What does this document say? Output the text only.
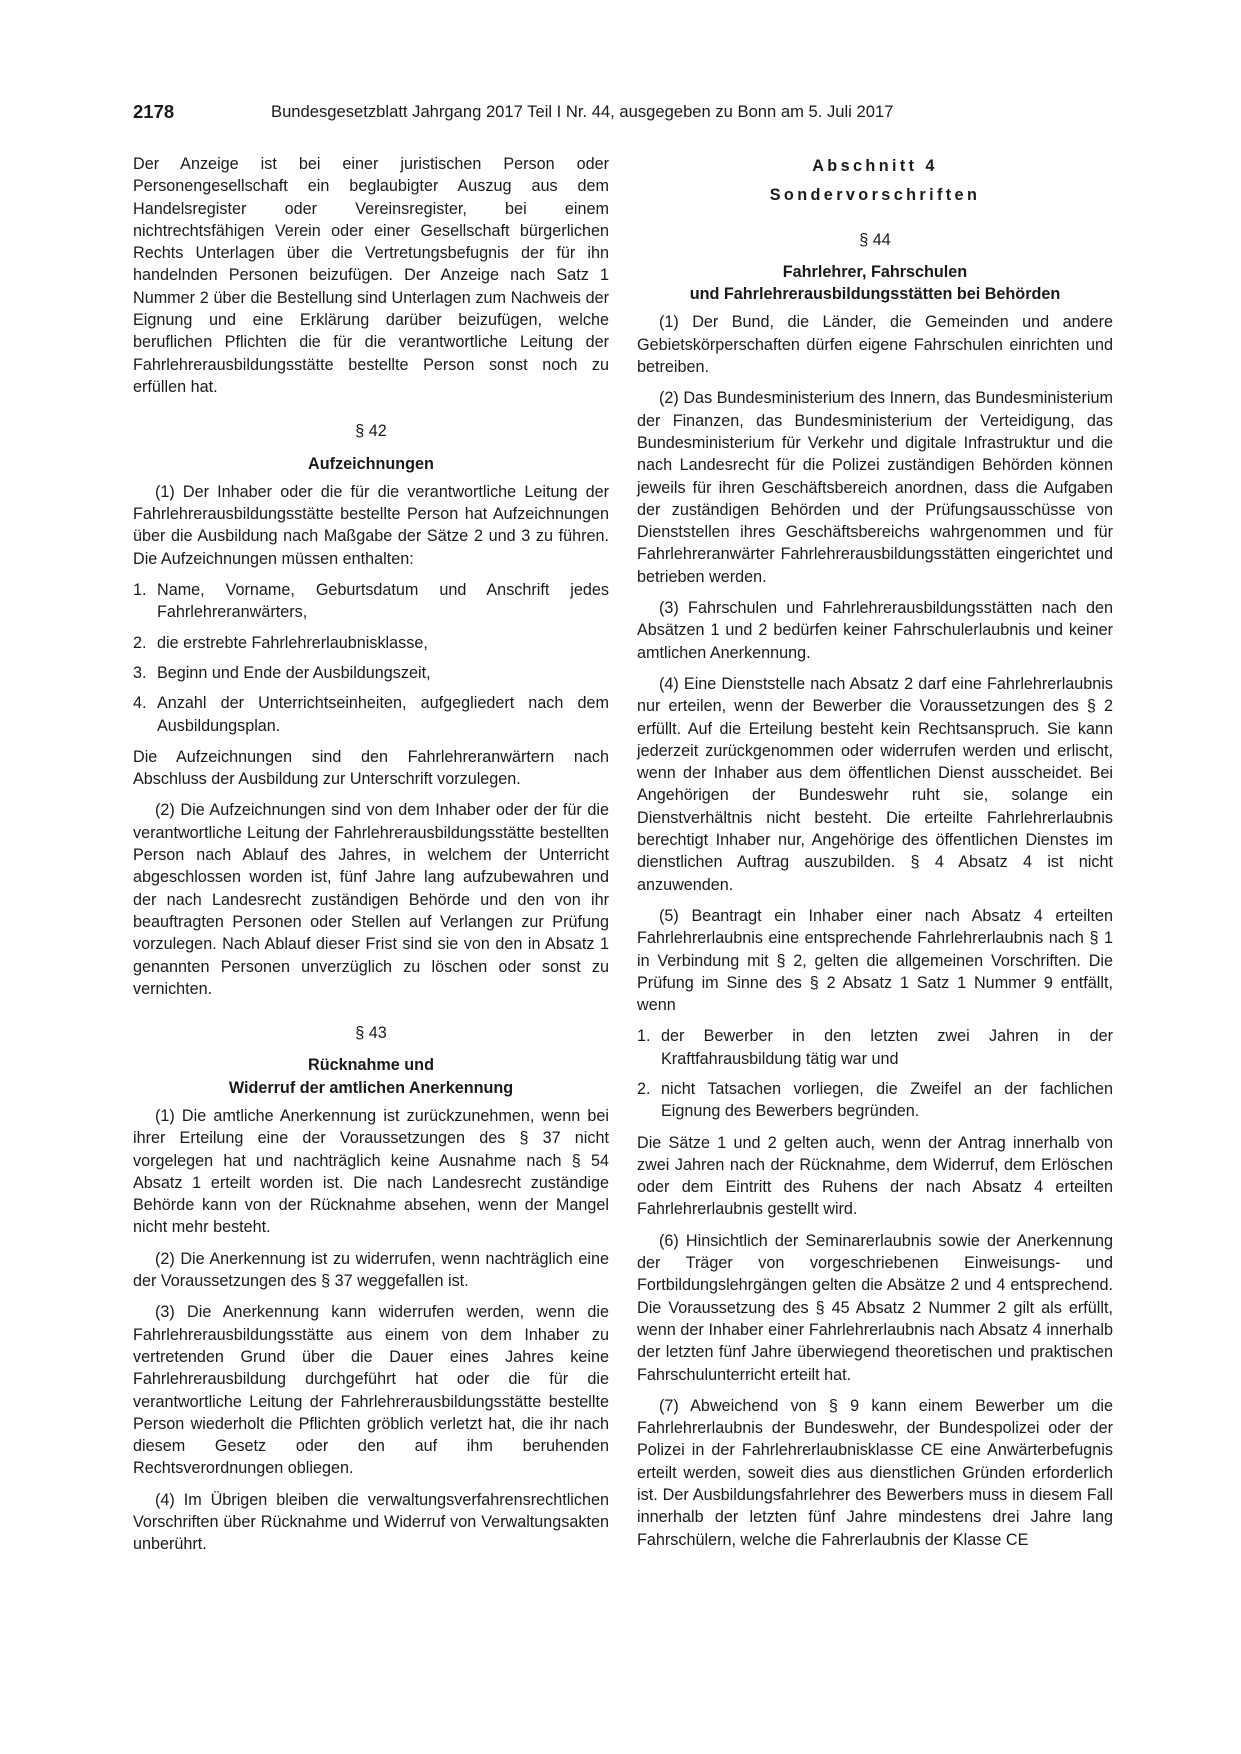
2178	Bundesgesetzblatt Jahrgang 2017 Teil I Nr. 44, ausgegeben zu Bonn am 5. Juli 2017

Der Anzeige ist bei einer juristischen Person oder Personengesellschaft ein beglaubigter Auszug aus dem Handelsregister oder Vereinsregister, bei einem nichtrechtsfähigen Verein oder einer Gesellschaft bürgerlichen Rechts Unterlagen über die Vertretungsbefugnis der für ihn handelnden Personen beizufügen. Der Anzeige nach Satz 1 Nummer 2 über die Bestellung sind Unterlagen zum Nachweis der Eignung und eine Erklärung darüber beizufügen, welche beruflichen Pflichten die für die verantwortliche Leitung der Fahrlehrerausbildungsstätte bestellte Person sonst noch zu erfüllen hat.

§ 42
Aufzeichnungen

(1) Der Inhaber oder die für die verantwortliche Leitung der Fahrlehrerausbildungsstätte bestellte Person hat Aufzeichnungen über die Ausbildung nach Maßgabe der Sätze 2 und 3 zu führen. Die Aufzeichnungen müssen enthalten:

1. Name, Vorname, Geburtsdatum und Anschrift jedes Fahrlehreranwärters,
2. die erstrebte Fahrlehrerlaubnisklasse,
3. Beginn und Ende der Ausbildungszeit,
4. Anzahl der Unterrichtseinheiten, aufgegliedert nach dem Ausbildungsplan.

Die Aufzeichnungen sind den Fahrlehreranwärtern nach Abschluss der Ausbildung zur Unterschrift vorzulegen.

(2) Die Aufzeichnungen sind von dem Inhaber oder der für die verantwortliche Leitung der Fahrlehrerausbildungsstätte bestellten Person nach Ablauf des Jahres, in welchem der Unterricht abgeschlossen worden ist, fünf Jahre lang aufzubewahren und der nach Landesrecht zuständigen Behörde und den von ihr beauftragten Personen oder Stellen auf Verlangen zur Prüfung vorzulegen. Nach Ablauf dieser Frist sind sie von den in Absatz 1 genannten Personen unverzüglich zu löschen oder sonst zu vernichten.

§ 43
Rücknahme und
Widerruf der amtlichen Anerkennung

(1) Die amtliche Anerkennung ist zurückzunehmen, wenn bei ihrer Erteilung eine der Voraussetzungen des § 37 nicht vorgelegen hat und nachträglich keine Ausnahme nach § 54 Absatz 1 erteilt worden ist. Die nach Landesrecht zuständige Behörde kann von der Rücknahme absehen, wenn der Mangel nicht mehr besteht.

(2) Die Anerkennung ist zu widerrufen, wenn nachträglich eine der Voraussetzungen des § 37 weggefallen ist.

(3) Die Anerkennung kann widerrufen werden, wenn die Fahrlehrerausbildungsstätte aus einem von dem Inhaber zu vertretenden Grund über die Dauer eines Jahres keine Fahrlehrerausbildung durchgeführt hat oder die für die verantwortliche Leitung der Fahrlehrerausbildungsstätte bestellte Person wiederholt die Pflichten gröblich verletzt hat, die ihr nach diesem Gesetz oder den auf ihm beruhenden Rechtsverordnungen obliegen.

(4) Im Übrigen bleiben die verwaltungsverfahrensrechtlichen Vorschriften über Rücknahme und Widerruf von Verwaltungsakten unberührt.

Abschnitt 4
Sondervorschriften
§ 44
Fahrlehrer, Fahrschulen
und Fahrlehrerausbildungsstätten bei Behörden

(1) Der Bund, die Länder, die Gemeinden und andere Gebietskörperschaften dürfen eigene Fahrschulen einrichten und betreiben.

(2) Das Bundesministerium des Innern, das Bundesministerium der Finanzen, das Bundesministerium der Verteidigung, das Bundesministerium für Verkehr und digitale Infrastruktur und die nach Landesrecht für die Polizei zuständigen Behörden können jeweils für ihren Geschäftsbereich anordnen, dass die Aufgaben der zuständigen Behörden und der Prüfungsausschüsse von Dienststellen ihres Geschäftsbereichs wahrgenommen und für Fahrlehreranwärter Fahrlehrerausbildungsstätten eingerichtet und betrieben werden.

(3) Fahrschulen und Fahrlehrerausbildungsstätten nach den Absätzen 1 und 2 bedürfen keiner Fahrschulerlaubnis und keiner amtlichen Anerkennung.

(4) Eine Dienststelle nach Absatz 2 darf eine Fahrlehrerlaubnis nur erteilen, wenn der Bewerber die Voraussetzungen des § 2 erfüllt. Auf die Erteilung besteht kein Rechtsanspruch. Sie kann jederzeit zurückgenommen oder widerrufen werden und erlischt, wenn der Inhaber aus dem öffentlichen Dienst ausscheidet. Bei Angehörigen der Bundeswehr ruht sie, solange ein Dienstverhältnis nicht besteht. Die erteilte Fahrlehrerlaubnis berechtigt Inhaber nur, Angehörige des öffentlichen Dienstes im dienstlichen Auftrag auszubilden. § 4 Absatz 4 ist nicht anzuwenden.

(5) Beantragt ein Inhaber einer nach Absatz 4 erteilten Fahrlehrerlaubnis eine entsprechende Fahrlehrerlaubnis nach § 1 in Verbindung mit § 2, gelten die allgemeinen Vorschriften. Die Prüfung im Sinne des § 2 Absatz 1 Satz 1 Nummer 9 entfällt, wenn

1. der Bewerber in den letzten zwei Jahren in der Kraftfahrausbildung tätig war und
2. nicht Tatsachen vorliegen, die Zweifel an der fachlichen Eignung des Bewerbers begründen.

Die Sätze 1 und 2 gelten auch, wenn der Antrag innerhalb von zwei Jahren nach der Rücknahme, dem Widerruf, dem Erlöschen oder dem Eintritt des Ruhens der nach Absatz 4 erteilten Fahrlehrerlaubnis gestellt wird.

(6) Hinsichtlich der Seminarerlaubnis sowie der Anerkennung der Träger von vorgeschriebenen Einweisungs- und Fortbildungslehrgängen gelten die Absätze 2 und 4 entsprechend. Die Voraussetzung des § 45 Absatz 2 Nummer 2 gilt als erfüllt, wenn der Inhaber einer Fahrlehrerlaubnis nach Absatz 4 innerhalb der letzten fünf Jahre überwiegend theoretischen und praktischen Fahrschulunterricht erteilt hat.

(7) Abweichend von § 9 kann einem Bewerber um die Fahrlehrerlaubnis der Bundeswehr, der Bundespolizei oder der Polizei in der Fahrlehrerlaubnisklasse CE eine Anwärterbefugnis erteilt werden, soweit dies aus dienstlichen Gründen erforderlich ist. Der Ausbildungsfahrlehrer des Bewerbers muss in diesem Fall innerhalb der letzten fünf Jahre mindestens drei Jahre lang Fahrschülern, welche die Fahrerlaubnis der Klasse CE
